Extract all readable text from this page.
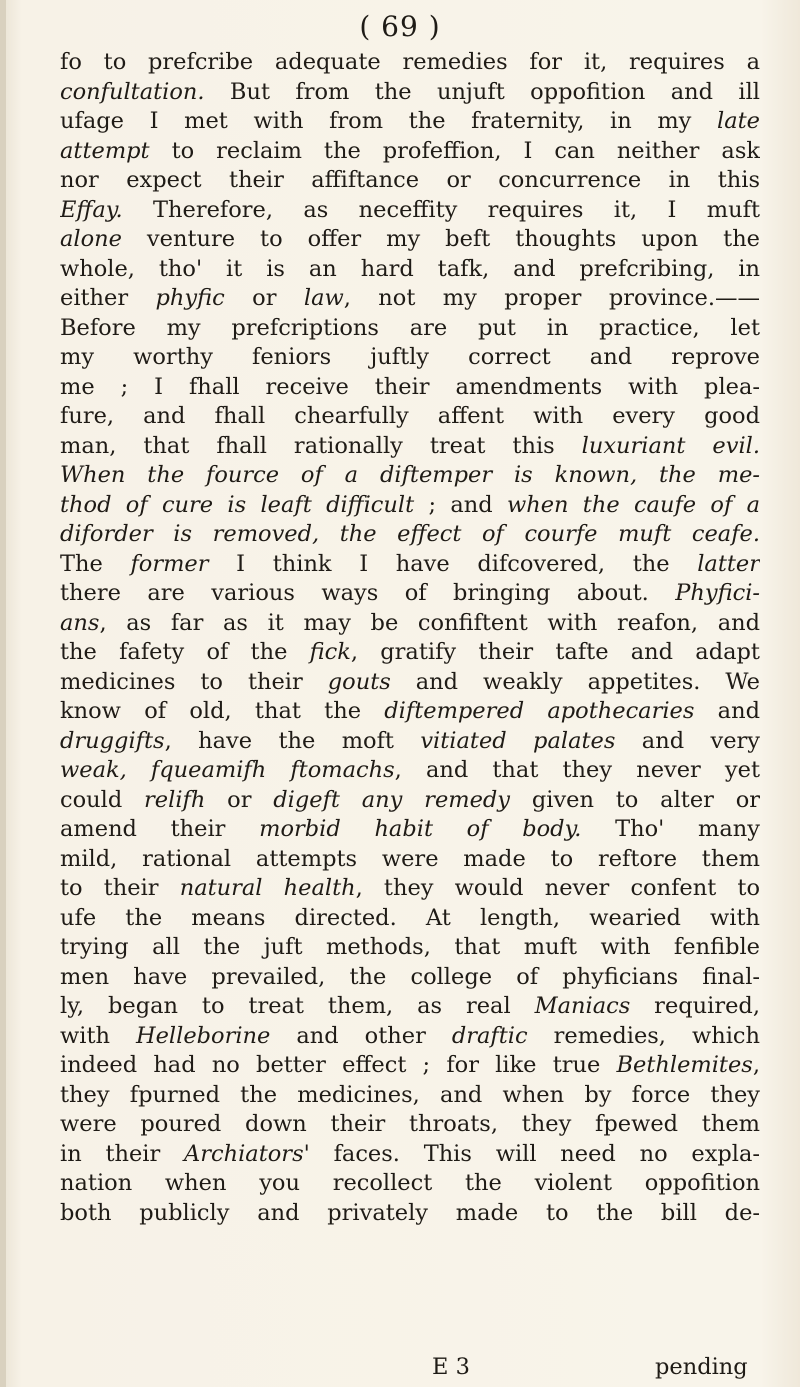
( 69 )
fo to prefcribe adequate remedies for it, requires a
confultation. But from the unjuft oppofition and ill
ufage I met with from the fraternity, in my late
attempt to reclaim the profeffion, I can neither ask
nor expect their affiftance or concurrence in this
Effay. Therefore, as neceffity requires it, I muft
alone venture to offer my beft thoughts upon the
whole, tho' it is an hard tafk, and prefcribing, in
either phyfic or law, not my proper province.——
Before my prefcriptions are put in practice, let
my worthy feniors juftly correct and reprove
me ; I fhall receive their amendments with plea-
fure, and fhall chearfully affent with every good
man, that fhall rationally treat this luxuriant evil.
When the fource of a diftemper is known, the me-
thod of cure is leaft difficult ; and when the caufe of a
diforder is removed, the effect of courfe muft ceafe.
The former I think I have difcovered, the latter
there are various ways of bringing about. Phyfici-
ans, as far as it may be confiftent with reafon, and
the fafety of the fick, gratify their tafte and adapt
medicines to their gouts and weakly appetites. We
know of old, that the diftempered apothecaries and
druggifts, have the moft vitiated palates and very
weak, fqueamifh ftomachs, and that they never yet
could relifh or digeft any remedy given to alter or
amend their morbid habit of body. Tho' many
mild, rational attempts were made to reftore them
to their natural health, they would never confent to
ufe the means directed. At length, wearied with
trying all the juft methods, that muft with fenfible
men have prevailed, the college of phyficians final-
ly, began to treat them, as real Maniacs required,
with Helleborine and other draftic remedies, which
indeed had no better effect ; for like true Bethlemites,
they fpurned the medicines, and when by force they
were poured down their throats, they fpewed them
in their Archiators' faces. This will need no expla-
nation when you recollect the violent oppofition
both publicly and privately made to the bill de-
E 3	pending
